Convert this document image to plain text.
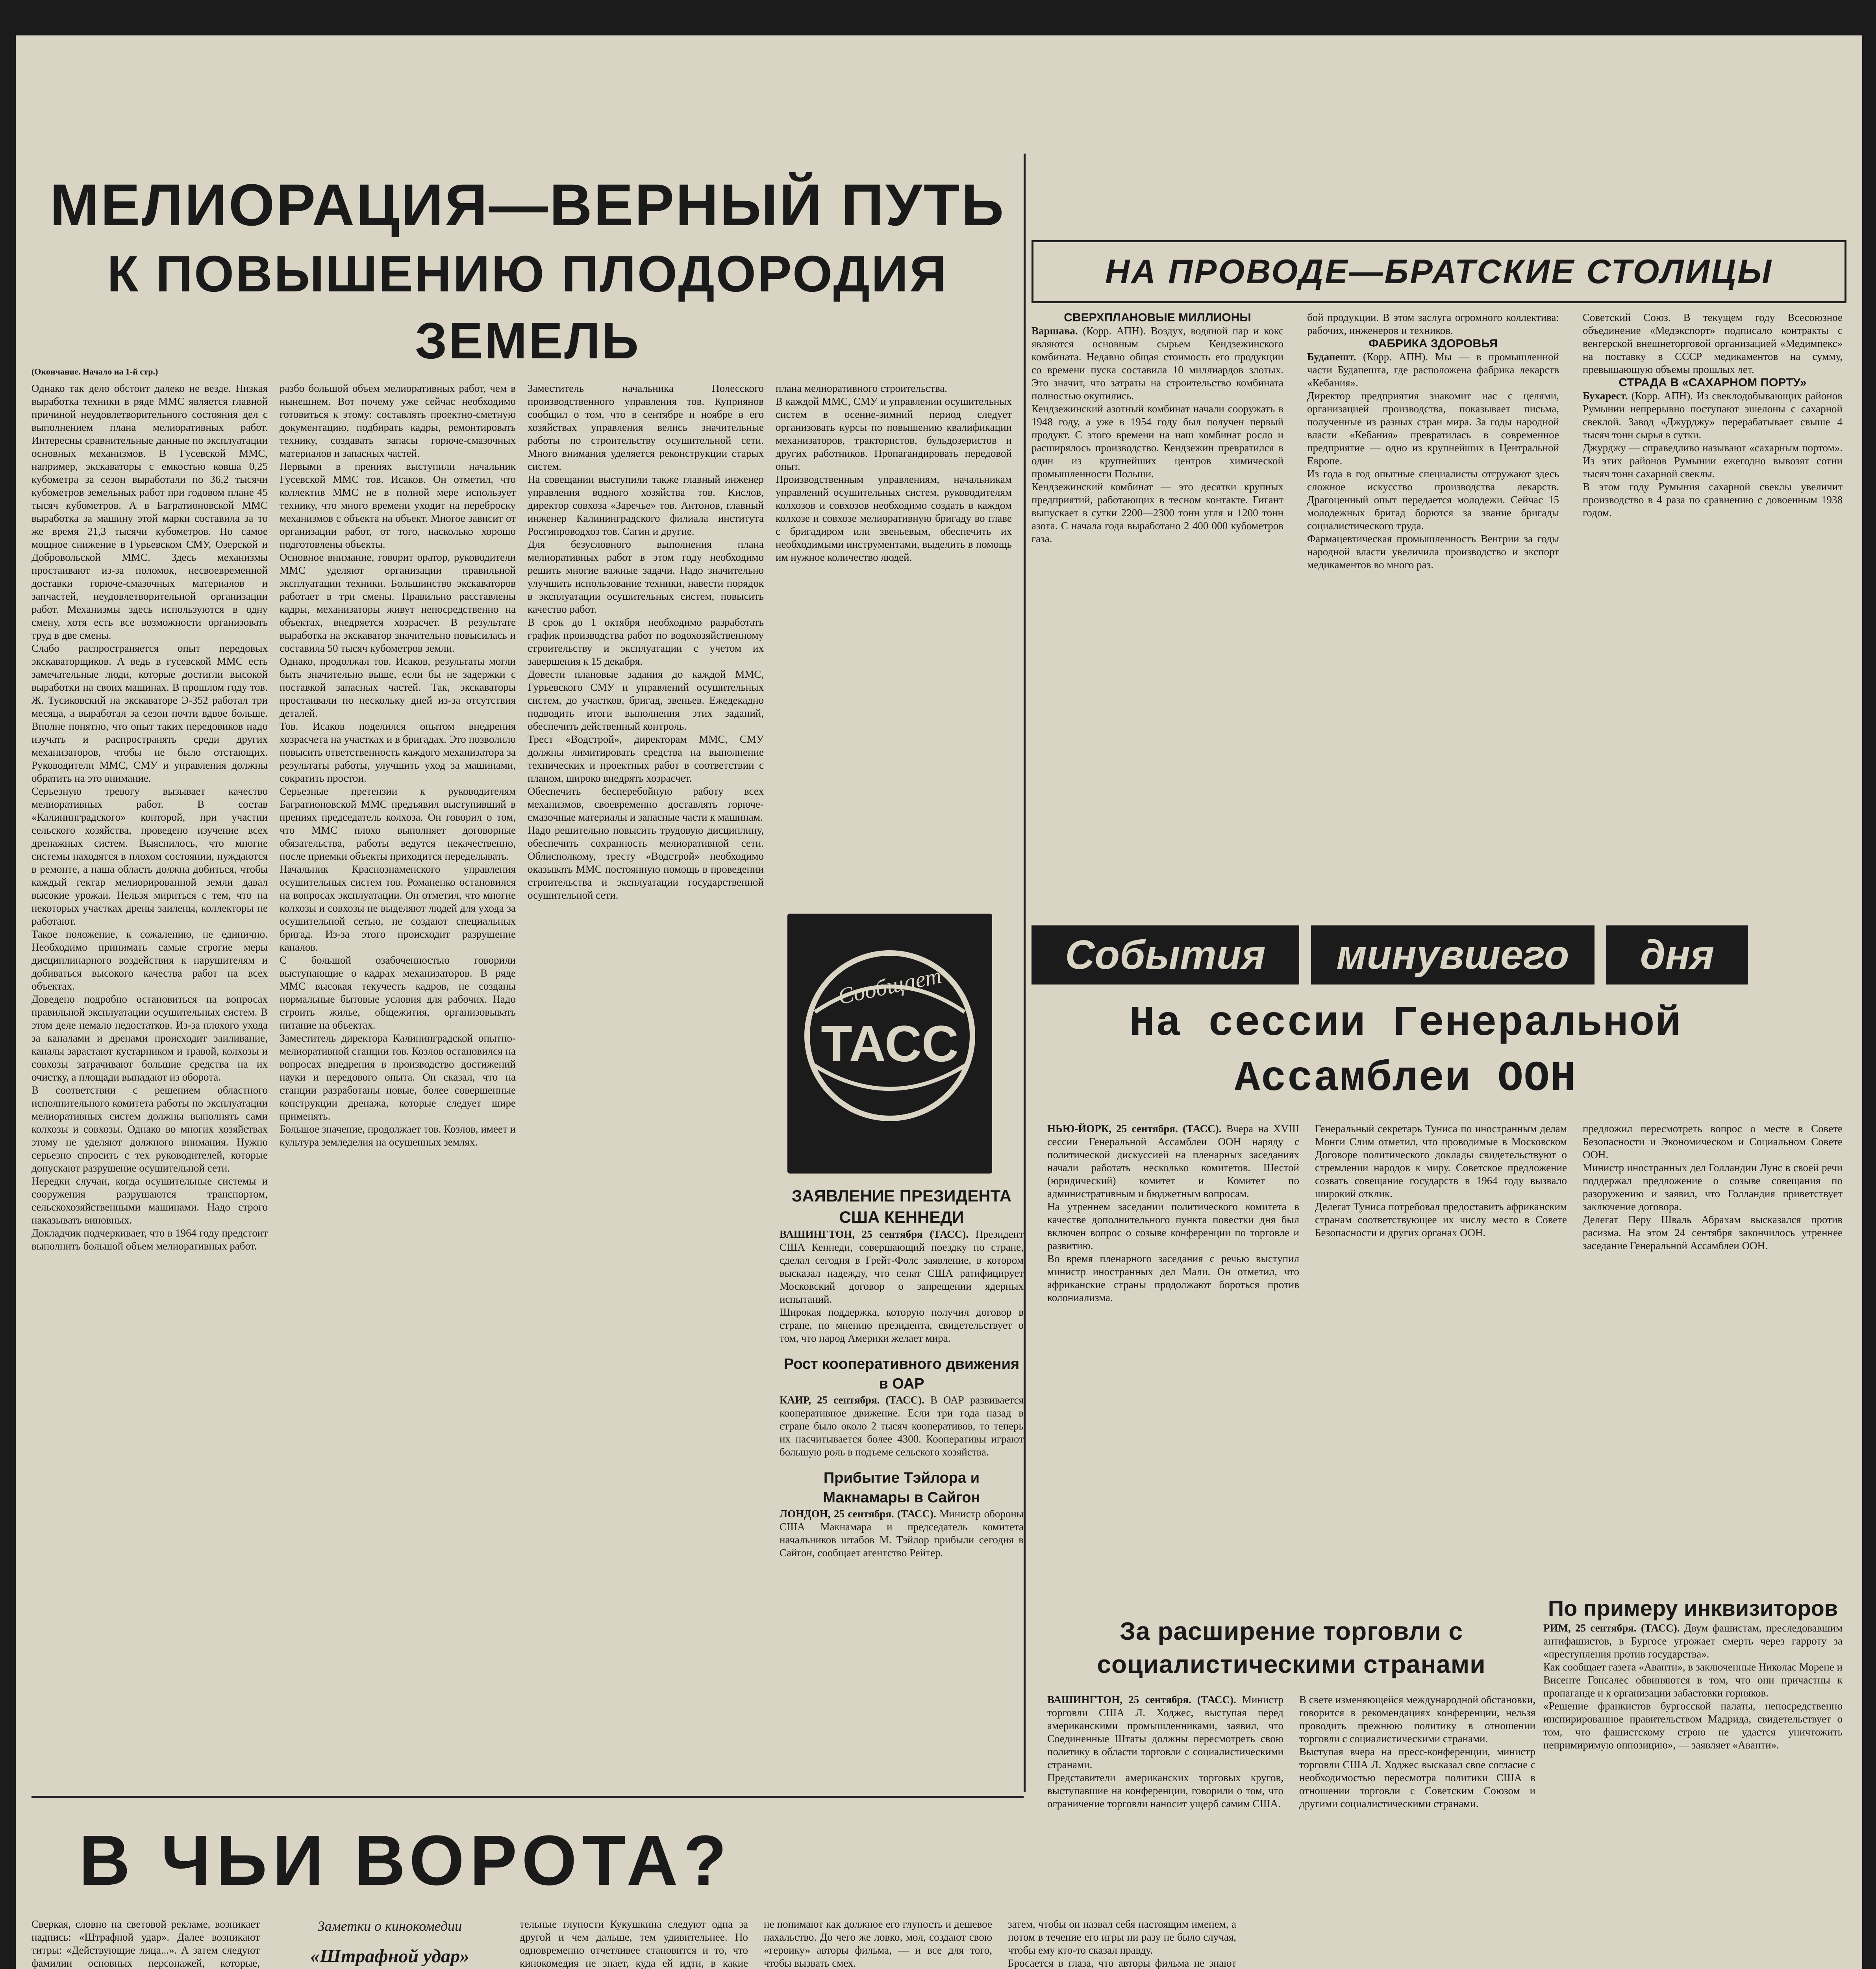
МЕЛИОРАЦИЯ—ВЕРНЫЙ ПУТЬ
К ПОВЫШЕНИЮ ПЛОДОРОДИЯ ЗЕМЕЛЬ
(Окончание. Начало на 1-й стр.)

Однако так дело обстоит далеко не везде. Низкая выработка техники в ряде ММС является главной причиной неудовлетворительного состояния дел с выполнением плана мелиоративных работ. Интересны сравнительные данные по эксплуатации основных механизмов. В Гусевской ММС, например, экскаваторы с емкостью ковша 0,25 кубометра за сезон выработали по 36,2 тысячи кубометров земельных работ при годовом плане 45 тысяч кубометров. А в Багратионовской ММС выработка за машину этой марки составила за то же время 21,3 тысячи кубометров. Но самое мощное снижение в Гурьевском СМУ, Озерской и Добровольской ММС. Здесь механизмы простаивают из-за поломок, несвоевременной доставки горюче-смазочных материалов и запчастей, неудовлетворительной организации работ. Механизмы здесь используются в одну смену, хотя есть все возможности организовать труд в две смены.

Слабо распространяется опыт передовых экскаваторщиков. А ведь в гусевской ММС есть замечательные люди, которые достигли высокой выработки на своих машинах. В прошлом году тов. Ж. Тусиковский на экскаваторе Э-352 работал три месяца, а выработал за сезон почти вдвое больше. Вполне понятно, что опыт таких передовиков надо изучать и распространять среди других механизаторов, чтобы не было отстающих. Руководители ММС, СМУ и управления должны обратить на это внимание.

Серьезную тревогу вызывает качество мелиоративных работ. В состав «Калининградского» конторой, при участии сельского хозяйства, проведено изучение всех дренажных систем. Выяснилось, что многие системы находятся в плохом состоянии, нуждаются в ремонте, а наша область должна добиться, чтобы каждый гектар мелиорированной земли давал высокие урожаи. Нельзя мириться с тем, что на некоторых участках дрены заилены, коллекторы не работают.

Такое положение, к сожалению, не единично. Необходимо принимать самые строгие меры дисциплинарного воздействия к нарушителям и добиваться высокого качества работ на всех объектах.

Доведено подробно остановиться на вопросах правильной эксплуатации осушительных систем. В этом деле немало недостатков. Из-за плохого ухода за каналами и дренами происходит заиливание, каналы зарастают кустарником и травой, колхозы и совхозы затрачивают большие средства на их очистку, а площади выпадают из оборота.

В соответствии с решением областного исполнительного комитета работы по эксплуатации мелиоративных систем должны выполнять сами колхозы и совхозы. Однако во многих хозяйствах этому не уделяют должного внимания. Нужно серьезно спросить с тех руководителей, которые допускают разрушение осушительной сети.

Нередки случаи, когда осушительные системы и сооружения разрушаются транспортом, сельскохозяйственными машинами. Надо строго наказывать виновных.

Докладчик подчеркивает, что в 1964 году предстоит выполнить большой объем мелиоративных работ.

разбо большой объем мелиоративных работ, чем в нынешнем. Вот почему уже сейчас необходимо готовиться к этому: составлять проектно-сметную документацию, подбирать кадры, ремонтировать технику, создавать запасы горюче-смазочных материалов и запасных частей.

Первыми в прениях выступили начальник Гусевской ММС тов. Исаков. Он отметил, что коллектив ММС не в полной мере использует технику, что много времени уходит на переброску механизмов с объекта на объект. Многое зависит от организации работ, от того, насколько хорошо подготовлены объекты.

Основное внимание, говорит оратор, руководители ММС уделяют организации правильной эксплуатации техники. Большинство экскаваторов работает в три смены. Правильно расставлены кадры, механизаторы живут непосредственно на объектах, внедряется хозрасчет. В результате выработка на экскаватор значительно повысилась и составила 50 тысяч кубометров земли.

Однако, продолжал тов. Исаков, результаты могли быть значительно выше, если бы не задержки с поставкой запасных частей. Так, экскаваторы простаивали по нескольку дней из-за отсутствия деталей.

Тов. Исаков поделился опытом внедрения хозрасчета на участках и в бригадах. Это позволило повысить ответственность каждого механизатора за результаты работы, улучшить уход за машинами, сократить простои.

Серьезные претензии к руководителям Багратионовской ММС предъявил выступивший в прениях председатель колхоза. Он говорил о том, что ММС плохо выполняет договорные обязательства, работы ведутся некачественно, после приемки объекты приходится переделывать.

Начальник Краснознаменского управления осушительных систем тов. Романенко остановился на вопросах эксплуатации. Он отметил, что многие колхозы и совхозы не выделяют людей для ухода за осушительной сетью, не создают специальных бригад. Из-за этого происходит разрушение каналов.

С большой озабоченностью говорили выступающие о кадрах механизаторов. В ряде ММС высокая текучесть кадров, не созданы нормальные бытовые условия для рабочих. Надо строить жилье, общежития, организовывать питание на объектах.

Заместитель директора Калининградской опытно-мелиоративной станции тов. Козлов остановился на вопросах внедрения в производство достижений науки и передового опыта. Он сказал, что на станции разработаны новые, более совершенные конструкции дренажа, которые следует шире применять.

Большое значение, продолжает тов. Козлов, имеет и культура земледелия на осушенных землях.

Заместитель начальника Полесского производственного управления тов. Куприянов сообщил о том, что в сентябре и ноябре в его хозяйствах управления велись значительные работы по строительству осушительной сети. Много внимания уделяется реконструкции старых систем.

На совещании выступили также главный инженер управления водного хозяйства тов. Кислов, директор совхоза «Заречье» тов. Антонов, главный инженер Калининградского филиала института Росгипроводхоз тов. Сагин и другие.

Для безусловного выполнения плана мелиоративных работ в этом году необходимо решить многие важные задачи. Надо значительно улучшить использование техники, навести порядок в эксплуатации осушительных систем, повысить качество работ.

В срок до 1 октября необходимо разработать график производства работ по водохозяйственному строительству и эксплуатации с учетом их завершения к 15 декабря.

Довести плановые задания до каждой ММС, Гурьевского СМУ и управлений осушительных систем, до участков, бригад, звеньев. Ежедекадно подводить итоги выполнения этих заданий, обеспечить действенный контроль.

Трест «Водстрой», директорам ММС, СМУ должны лимитировать средства на выполнение технических и проектных работ в соответствии с планом, широко внедрять хозрасчет.

Обеспечить бесперебойную работу всех механизмов, своевременно доставлять горюче-смазочные материалы и запасные части к машинам.

Надо решительно повысить трудовую дисциплину, обеспечить сохранность мелиоративной сети. Облисполкому, тресту «Водстрой» необходимо оказывать ММС постоянную помощь в проведении строительства и эксплуатации государственной осушительной сети.

плана мелиоративного строительства.

В каждой ММС, СМУ и управлении осушительных систем в осенне-зимний период следует организовать курсы по повышению квалификации механизаторов, трактористов, бульдозеристов и других работников. Пропагандировать передовой опыт.

Производственным управлениям, начальникам управлений осушительных систем, руководителям колхозов и совхозов необходимо создать в каждом колхозе и совхозе мелиоративную бригаду во главе с бригадиром или звеньевым, обеспечить их необходимыми инструментами, выделить в помощь им нужное количество людей.

НА ПРОВОДЕ—БРАТСКИЕ СТОЛИЦЫ
СВЕРХПЛАНОВЫЕ МИЛЛИОНЫ

Варшава. (Корр. АПН). Воздух, водяной пар и кокс являются основным сырьем Кендзежинского комбината. Недавно общая стоимость его продукции со времени пуска составила 10 миллиардов злотых. Это значит, что затраты на строительство комбината полностью окупились.

Кендзежинский азотный комбинат начали сооружать в 1948 году, а уже в 1954 году был получен первый продукт. С этого времени на наш комбинат росло и расширялось производство. Кендзежин превратился в один из крупнейших центров химической промышленности Польши.

Кендзежинский комбинат — это десятки крупных предприятий, работающих в тесном контакте. Гигант выпускает в сутки 2200—2300 тонн угля и 1200 тонн азота. С начала года выработано 2 400 000 кубометров газа.

бой продукции. В этом заслуга огромного коллектива: рабочих, инженеров и техников.

ФАБРИКА ЗДОРОВЬЯ

Будапешт. (Корр. АПН). Мы — в промышленной части Будапешта, где расположена фабрика лекарств «Кебания».

Директор предприятия знакомит нас с целями, организацией производства, показывает письма, полученные из разных стран мира. За годы народной власти «Кебания» превратилась в современное предприятие — одно из крупнейших в Центральной Европе.

Из года в год опытные специалисты отгружают здесь сложное искусство производства лекарств. Драгоценный опыт передается молодежи. Сейчас 15 молодежных бригад борются за звание бригады социалистического труда.

Фармацевтическая промышленность Венгрии за годы народной власти увеличила производство и экспорт медикаментов во много раз.

Советский Союз. В текущем году Всесоюзное объединение «Медэкспорт» подписало контракты с венгерской внешнеторговой организацией «Медимпекс» на поставку в СССР медикаментов на сумму, превышающую объемы прошлых лет.

СТРАДА В «САХАРНОМ ПОРТУ»

Бухарест. (Корр. АПН). Из свеклодобывающих районов Румынии непрерывно поступают эшелоны с сахарной свеклой. Завод «Джурджу» перерабатывает свыше 4 тысяч тонн сырья в сутки.

Джурджу — справедливо называют «сахарным портом». Из этих районов Румынии ежегодно вывозят сотни тысяч тонн сахарной свеклы.

В этом году Румыния сахарной свеклы увеличит производство в 4 раза по сравнению с довоенным 1938 годом.

Сообщает
ТАСС
ЗАЯВЛЕНИЕ ПРЕЗИДЕНТА США КЕННЕДИ

ВАШИНГТОН, 25 сентября (ТАСС). Президент США Кеннеди, совершающий поездку по стране, сделал сегодня в Грейт-Фолс заявление, в котором высказал надежду, что сенат США ратифицирует Московский договор о запрещении ядерных испытаний.

Широкая поддержка, которую получил договор в стране, по мнению президента, свидетельствует о том, что народ Америки желает мира.

Рост кооперативного движения в ОАР

КАИР, 25 сентября. (ТАСС). В ОАР развивается кооперативное движение. Если три года назад в стране было около 2 тысяч кооперативов, то теперь их насчитывается более 4300. Кооперативы играют большую роль в подъеме сельского хозяйства.

Прибытие Тэйлора и Макнамары в Сайгон

ЛОНДОН, 25 сентября. (ТАСС). Министр обороны США Макнамара и председатель комитета начальников штабов М. Тэйлор прибыли сегодня в Сайгон, сообщает агентство Рейтер.

События	минувшего	дня
На сессии Генеральной Ассамблеи ООН

НЬЮ-ЙОРК, 25 сентября. (ТАСС). Вчера на XVIII сессии Генеральной Ассамблеи ООН наряду с политической дискуссией на пленарных заседаниях начали работать несколько комитетов. Шестой (юридический) комитет и Комитет по административным и бюджетным вопросам.

На утреннем заседании политического комитета в качестве дополнительного пункта повестки дня был включен вопрос о созыве конференции по торговле и развитию.

Во время пленарного заседания с речью выступил министр иностранных дел Мали. Он отметил, что африканские страны продолжают бороться против колониализма.

Генеральный секретарь Туниса по иностранным делам Монги Слим отметил, что проводимые в Московском Договоре политического доклады свидетельствуют о стремлении народов к миру. Советское предложение созвать совещание государств в 1964 году вызвало широкий отклик.

Делегат Туниса потребовал предоставить африканским странам соответствующее их числу место в Совете Безопасности и других органах ООН.

предложил пересмотреть вопрос о месте в Совете Безопасности и Экономическом и Социальном Совете ООН.

Министр иностранных дел Голландии Лунс в своей речи поддержал предложение о созыве совещания по разоружению и заявил, что Голландия приветствует заключение договора.

Делегат Перу Шваль Абрахам высказался против расизма. На этом 24 сентября закончилось утреннее заседание Генеральной Ассамблеи ООН.

По примеру инквизиторов

РИМ, 25 сентября. (ТАСС). Двум фашистам, преследовавшим антифашистов, в Бургосе угрожает смерть через гарроту за «преступления против государства».

Как сообщает газета «Аванти», в заключенные Николас Морене и Висенте Гонсалес обвиняются в том, что они причастны к пропаганде и к организации забастовки горняков.

«Решение франкистов бургосской палаты, непосредственно инспирированное правительством Мадрида, свидетельствует о том, что фашистскому строю не удастся уничтожить непримиримую оппозицию», — заявляет «Аванти».

За расширение торговли с социалистическими странами

ВАШИНГТОН, 25 сентября. (ТАСС). Министр торговли США Л. Ходжес, выступая перед американскими промышленниками, заявил, что Соединенные Штаты должны пересмотреть свою политику в области торговли с социалистическими странами.

Представители американских торговых кругов, выступавшие на конференции, говорили о том, что ограничение торговли наносит ущерб самим США.

В свете изменяющейся международной обстановки, говорится в рекомендациях конференции, нельзя проводить прежнюю политику в отношении торговли с социалистическими странами.

Выступая вчера на пресс-конференции, министр торговли США Л. Ходжес высказал свое согласие с необходимостью пересмотра политики США в отношении торговли с Советским Союзом и другими социалистическими странами.

В ЧЬИ ВОРОТА?
Заметки о кинокомедии
«Штрафной удар»

Сверкая, словно на световой рекламе, возникает надпись: «Штрафной удар». Далее возникают титры: «Действующие лица...». А затем следуют фамилии основных персонажей, которые,

тельные глупости Кукушкина следуют одна за другой и чем дальше, тем удивительнее. Но одновременно отчетливее становится и то, что кинокомедия не знает, куда ей идти, в какие

не понимают как должное его глупость и дешевое нахальство. До чего же ловко, мол, создают свою «героику» авторы фильма, — и все для того, чтобы вызвать смех.

затем, чтобы он назвал себя настоящим именем, а потом в течение его игры ни разу не было случая, чтобы ему кто-то сказал правду.

Бросается в глаза, что авторы фильма не знают
